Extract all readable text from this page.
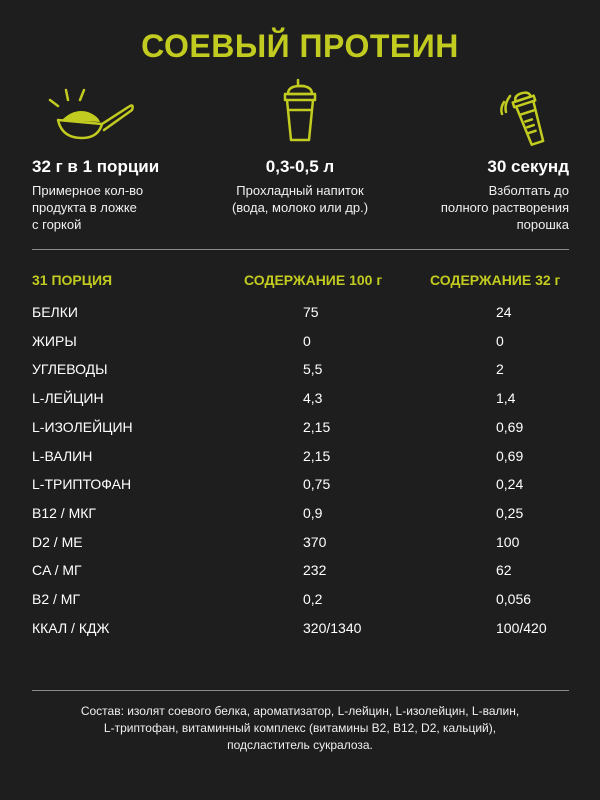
СОЕВЫЙ ПРОТЕИН
32 г в 1 порции
Примерное кол-во
продукта в ложке
с горкой
0,3-0,5 л
Прохладный напиток
(вода, молоко или др.)
30 секунд
Взболтать до
полного растворения
порошка
31 ПОРЦИЯ	СОДЕРЖАНИЕ 100 г	СОДЕРЖАНИЕ 32 г
БЕЛКИ	75	24
ЖИРЫ	0	0
УГЛЕВОДЫ	5,5	2
L-ЛЕЙЦИН	4,3	1,4
L-ИЗОЛЕЙЦИН	2,15	0,69
L-ВАЛИН	2,15	0,69
L-ТРИПТОФАН	0,75	0,24
B12 / МКГ	0,9	0,25
D2 / МЕ	370	100
CA / МГ	232	62
B2 / МГ	0,2	0,056
ККАЛ / КДЖ	320/1340	100/420
Состав: изолят соевого белка, ароматизатор, L-лейцин, L-изолейцин, L-валин,
L-триптофан, витаминный комплекс (витамины B2, B12, D2, кальций),
подсластитель сукралоза.
